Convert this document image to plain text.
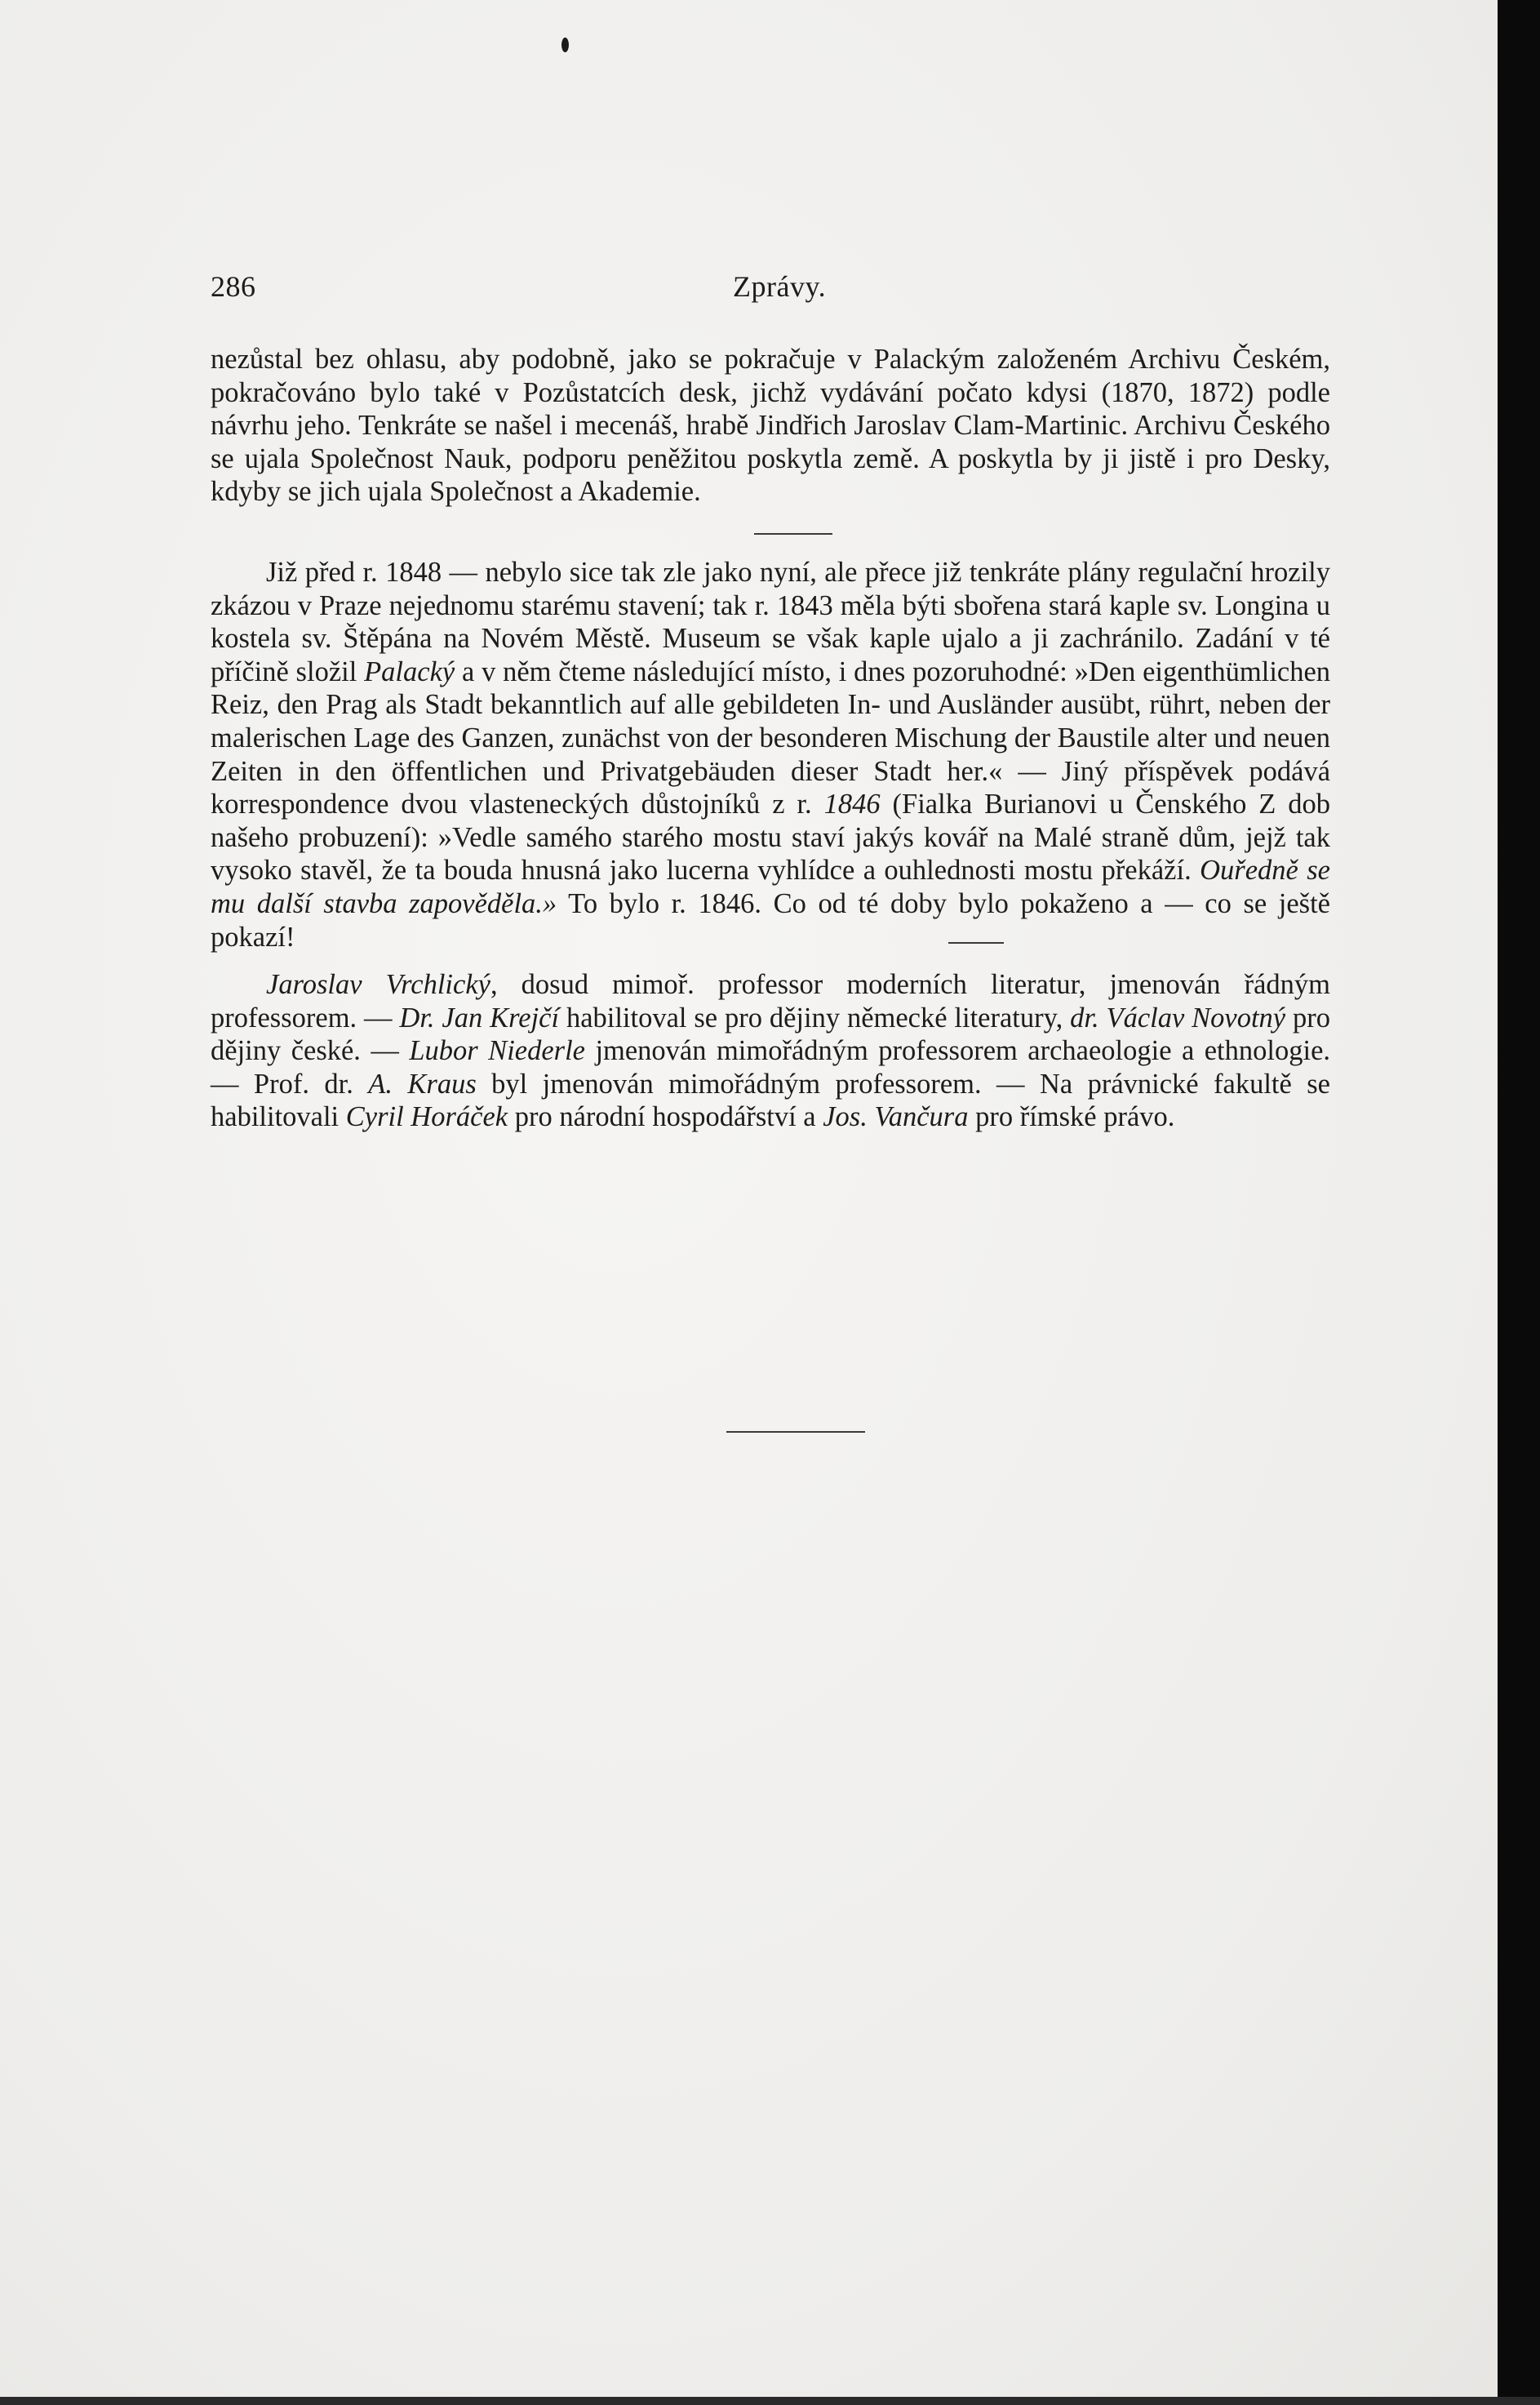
286	Zprávy.

nezůstal bez ohlasu, aby podobně, jako se pokračuje v Palackým založeném Archivu Českém, pokračováno bylo také v Pozůstatcích desk, jichž vydávání počato kdysi (1870, 1872) podle návrhu jeho. Tenkráte se našel i mecenáš, hrabě Jindřich Jaroslav Clam-Martinic. Archivu Českého se ujala Společnost Nauk, podporu peněžitou poskytla země. A poskytla by ji jistě i pro Desky, kdyby se jich ujala Společnost a Akademie.

Již před r. 1848 — nebylo sice tak zle jako nyní, ale přece již tenkráte plány regulační hrozily zkázou v Praze nejednomu starému stavení; tak r. 1843 měla býti sbořena stará kaple sv. Longina u kostela sv. Štěpána na Novém Městě. Museum se však kaple ujalo a ji zachránilo. Zadání v té příčině složil Palacký a v něm čteme následující místo, i dnes pozoruhodné: »Den eigenthümlichen Reiz, den Prag als Stadt bekanntlich auf alle gebildeten In- und Ausländer ausübt, rührt, neben der malerischen Lage des Ganzen, zunächst von der besonderen Mischung der Baustile alter und neuen Zeiten in den öffentlichen und Privatgebäuden dieser Stadt her.« — Jiný příspěvek podává korrespondence dvou vlasteneckých důstojníků z r. 1846 (Fialka Burianovi u Čenského Z dob našeho probuzení): »Vedle samého starého mostu staví jakýs kovář na Malé straně dům, jejž tak vysoko stavěl, že ta bouda hnusná jako lucerna vyhlídce a ouhlednosti mostu překáží. Ouředně se mu další stavba zapověděla.» To bylo r. 1846. Co od té doby bylo pokaženo a — co se ještě pokazí!

Jaroslav Vrchlický, dosud mimoř. professor moderních literatur, jmenován řádným professorem. — Dr. Jan Krejčí habilitoval se pro dějiny německé literatury, dr. Václav Novotný pro dějiny české. — Lubor Niederle jmenován mimořádným professorem archaeologie a ethnologie. — Prof. dr. A. Kraus byl jmenován mimořádným professorem. — Na právnické fakultě se habilitovali Cyril Horáček pro národní hospodářství a Jos. Vančura pro římské právo.
